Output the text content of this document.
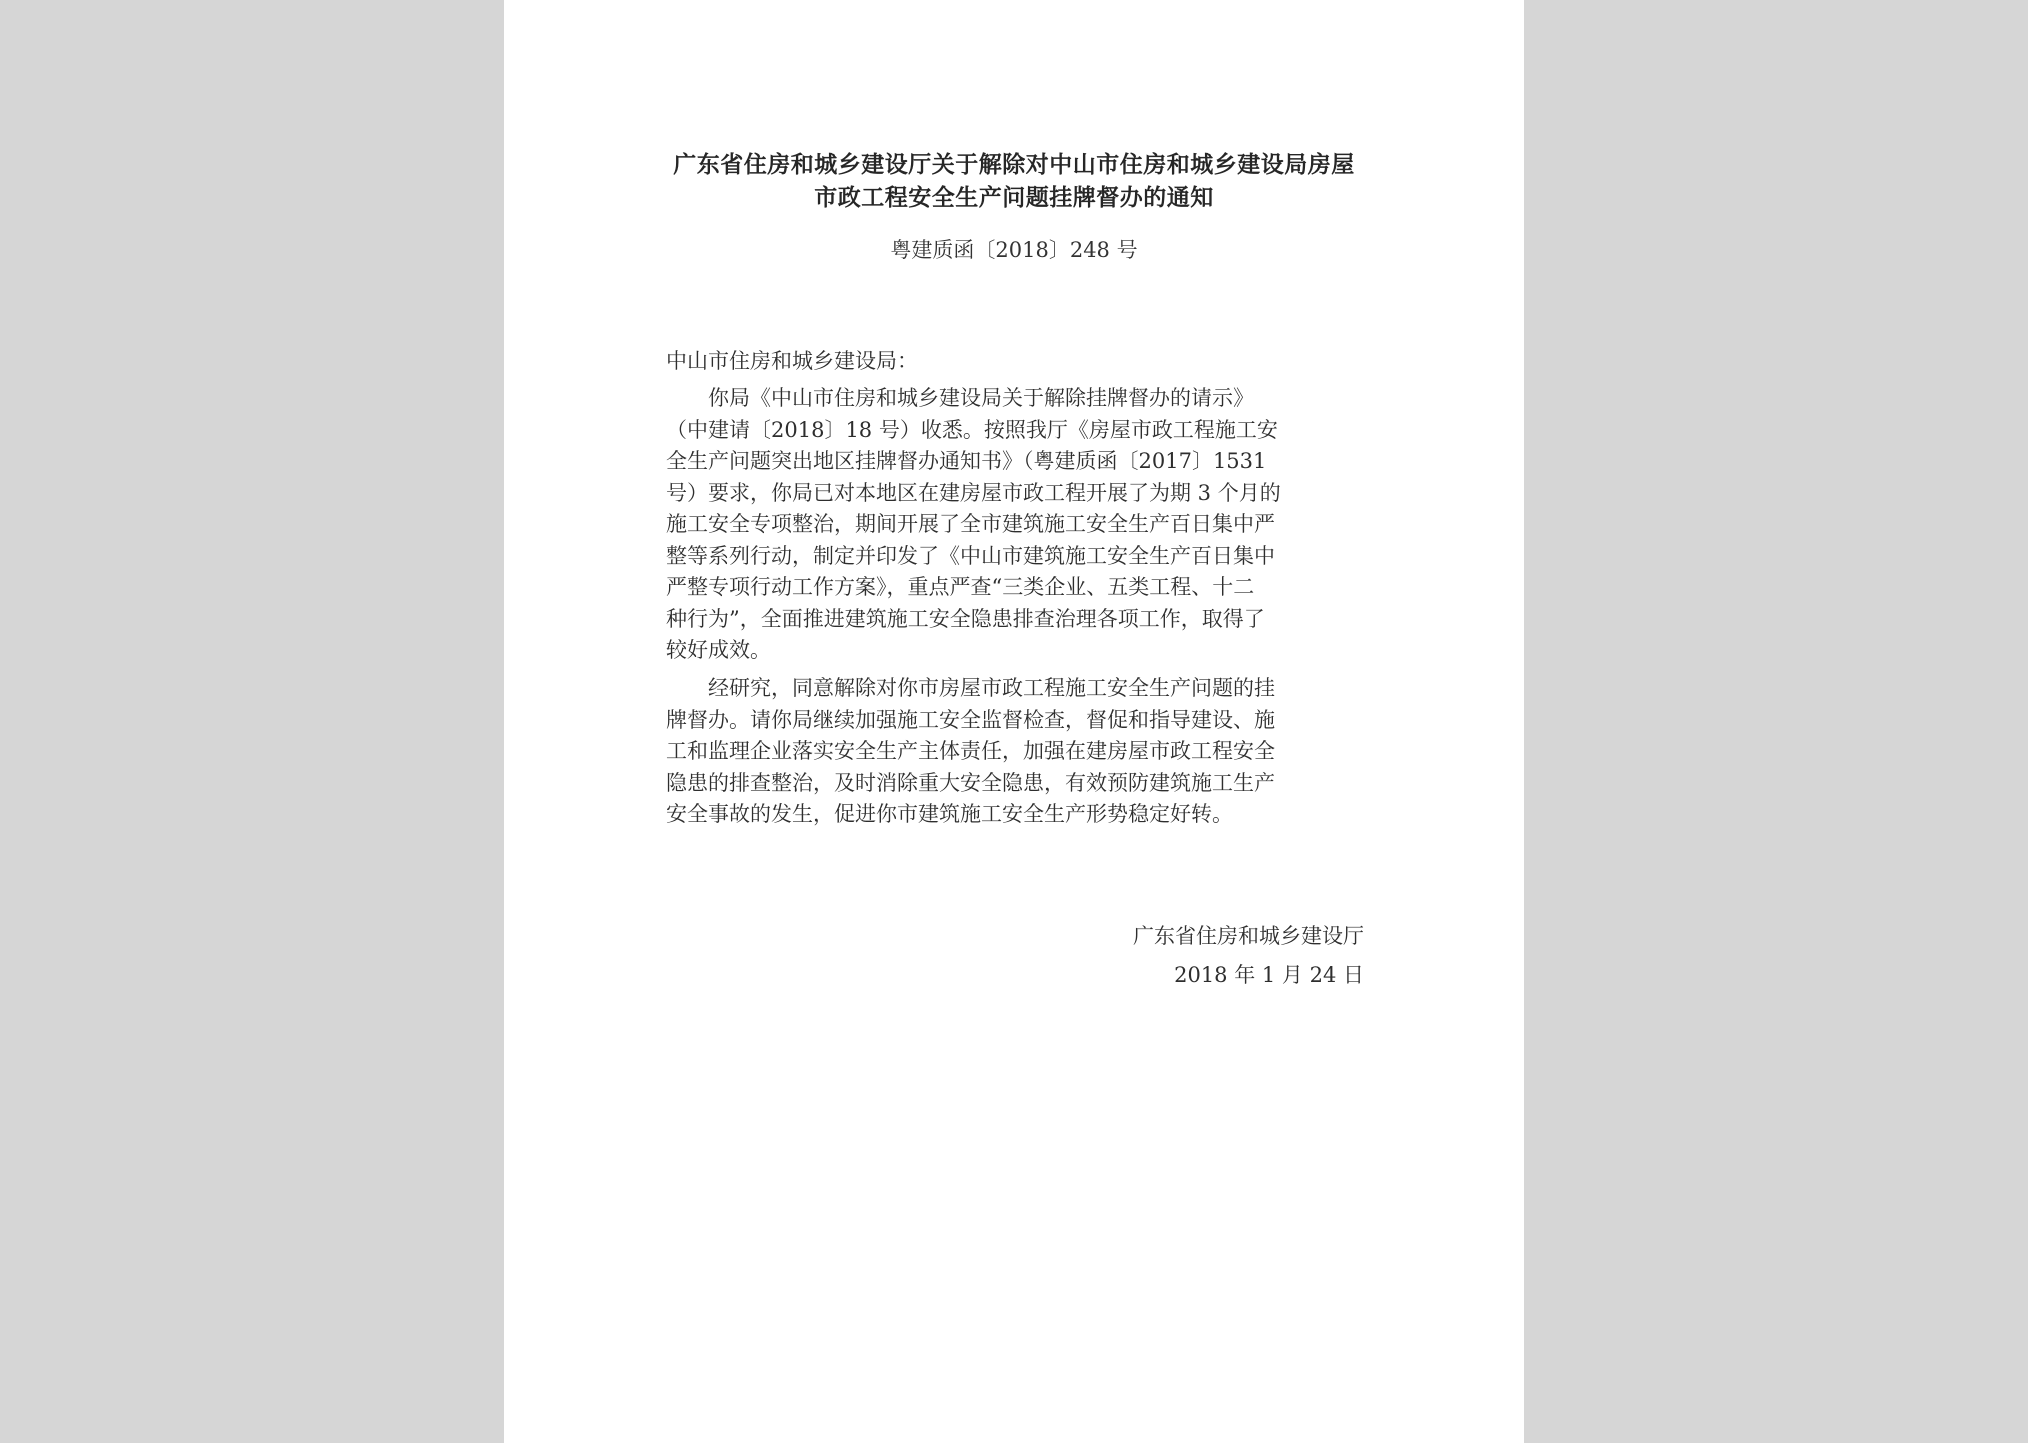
广东省住房和城乡建设厅关于解除对中山市住房和城乡建设局房屋
市政工程安全生产问题挂牌督办的通知
粤建质函〔2018〕248 号
中山市住房和城乡建设局：
　　你局《中山市住房和城乡建设局关于解除挂牌督办的请示》
（中建请〔2018〕18 号）收悉。按照我厅《房屋市政工程施工安
全生产问题突出地区挂牌督办通知书》（粤建质函〔2017〕1531
号）要求，你局已对本地区在建房屋市政工程开展了为期 3 个月的
施工安全专项整治，期间开展了全市建筑施工安全生产百日集中严
整等系列行动，制定并印发了《中山市建筑施工安全生产百日集中
严整专项行动工作方案》，重点严查“三类企业、五类工程、十二
种行为”，全面推进建筑施工安全隐患排查治理各项工作，取得了
较好成效。
　　经研究，同意解除对你市房屋市政工程施工安全生产问题的挂
牌督办。请你局继续加强施工安全监督检查，督促和指导建设、施
工和监理企业落实安全生产主体责任，加强在建房屋市政工程安全
隐患的排查整治，及时消除重大安全隐患，有效预防建筑施工生产
安全事故的发生，促进你市建筑施工安全生产形势稳定好转。
广东省住房和城乡建设厅
2018 年 1 月 24 日
